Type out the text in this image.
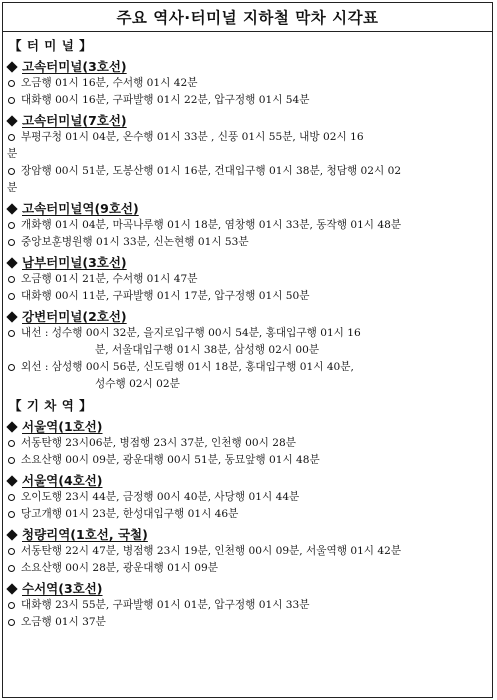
주요 역사·터미널 지하철 막차 시각표
【 터 미 널 】
고속터미널(3호선)
오금행 01시 16분, 수서행 01시 42분
대화행 00시 16분, 구파발행 01시 22분, 압구정행 01시 54분
고속터미널(7호선)
부평구청 01시 04분, 온수행 01시 33분 , 신풍 01시 55분, 내방 02시 16
분
장암행 00시 51분, 도봉산행 01시 16분, 건대입구행 01시 38분, 청담행 02시 02
분
고속터미널역(9호선)
개화행 01시 04분, 마곡나루행 01시 18분, 염창행 01시 33분, 동작행 01시 48분
중앙보훈병원행 01시 33분, 신논현행 01시 53분
남부터미널(3호선)
오금행 01시 21분, 수서행 01시 47분
대화행 00시 11분, 구파발행 01시 17분, 압구정행 01시 50분
강변터미널(2호선)
내선 : 성수행 00시 32분, 을지로입구행 00시 54분, 홍대입구행 01시 16
분, 서울대입구행 01시 38분, 삼성행 02시 00분
외선 : 삼성행 00시 56분, 신도림행 01시 18분, 홍대입구행 01시 40분,
성수행 02시 02분
【 기 차 역 】
서울역(1호선)
서동탄행 23시06분, 병점행 23시 37분, 인천행 00시 28분
소요산행 00시 09분, 광운대행 00시 51분, 동묘앞행 01시 48분
서울역(4호선)
오이도행 23시 44분, 금정행 00시 40분, 사당행 01시 44분
당고개행 01시 23분, 한성대입구행 01시 46분
청량리역(1호선, 국철)
서동탄행 22시 47분, 병점행 23시 19분, 인천행 00시 09분, 서울역행 01시 42분
소요산행 00시 28분, 광운대행 01시 09분
수서역(3호선)
대화행 23시 55분, 구파발행 01시 01분, 압구정행 01시 33분
오금행 01시 37분
